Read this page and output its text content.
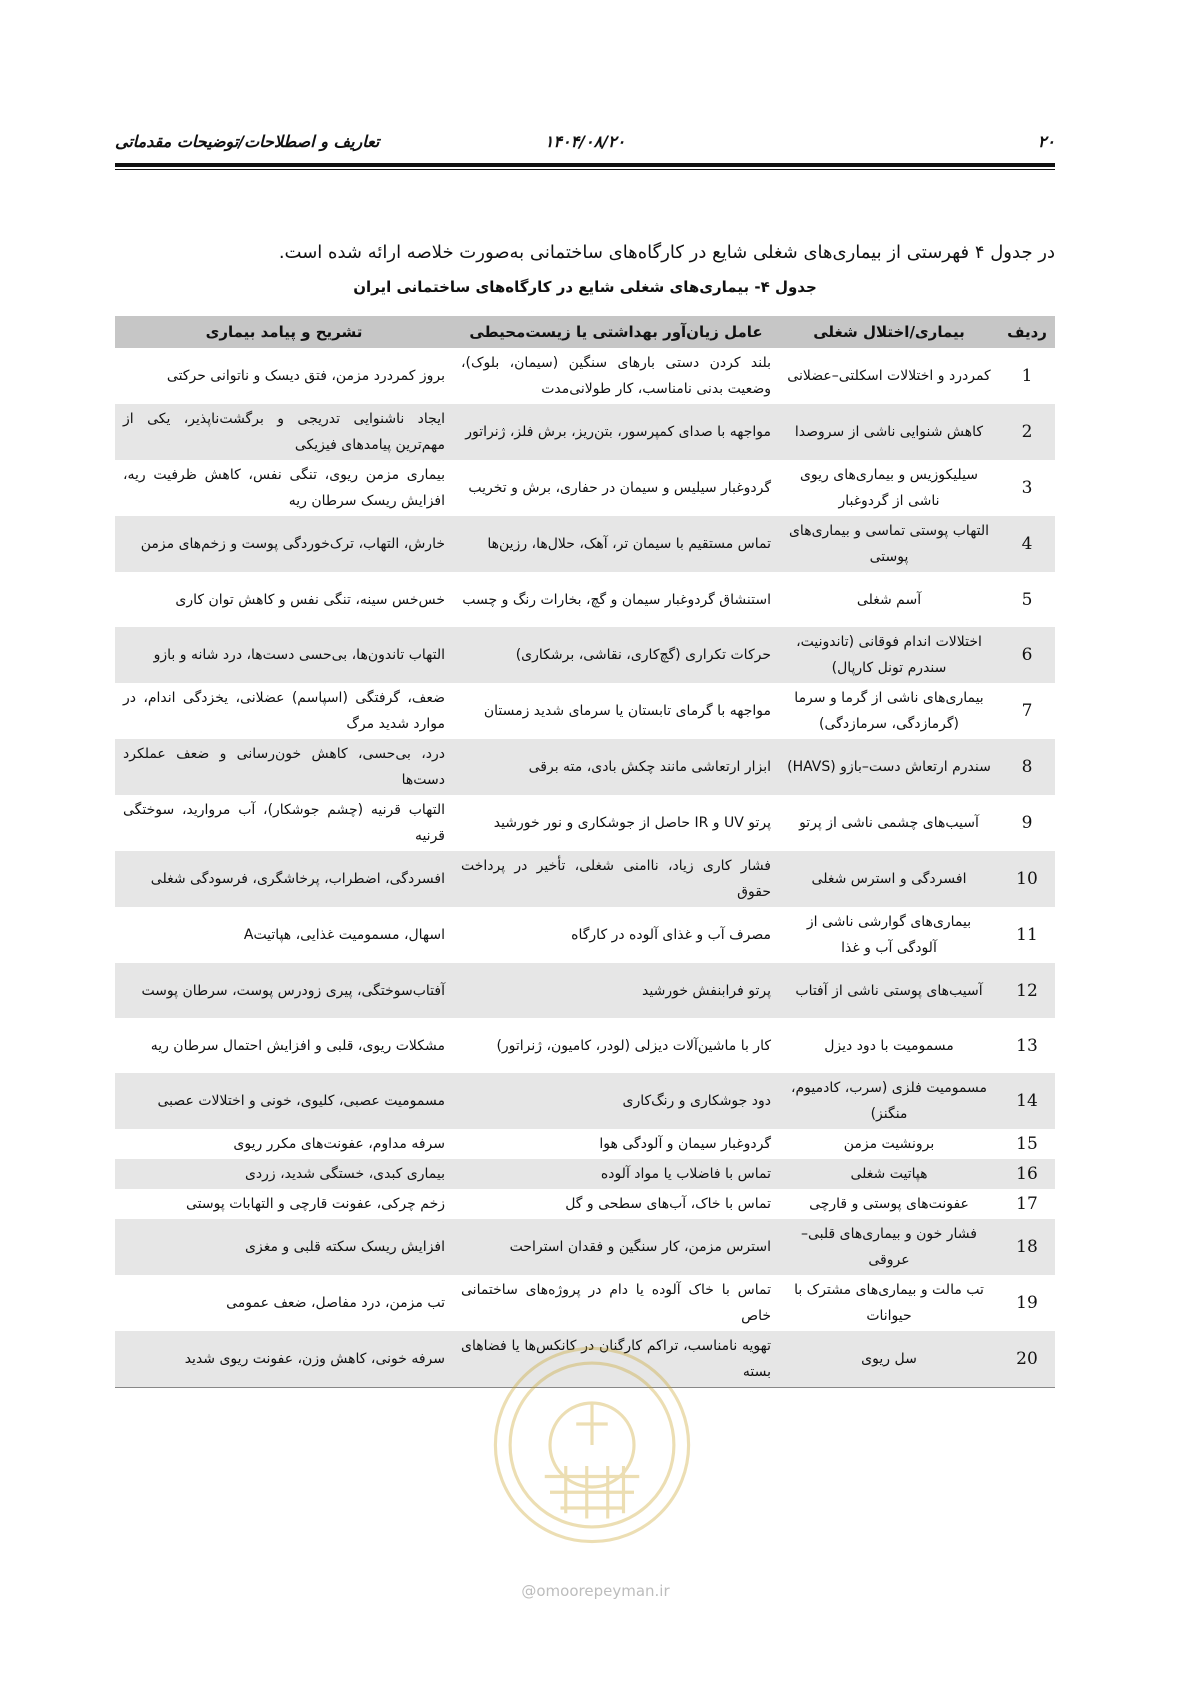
۲۰
۱۴۰۴/۰۸/۲۰
تعاریف و اصطلاحات/توضیحات مقدماتی

در جدول ۴ فهرستی از بیماری‌های شغلی شایع در کارگاه‌های ساختمانی به‌صورت خلاصه ارائه شده است.

جدول ۴- بیماری‌های شغلی شایع در کارگاه‌های ساختمانی ایران
ردیف	بیماری/اختلال شغلی	عامل زیان‌آور بهداشتی یا زیست‌محیطی	تشریح و پیامد بیماری
1	کمردرد و اختلالات اسکلتی–عضلانی	بلند کردن دستی بارهای سنگین (سیمان، بلوک)، وضعیت بدنی نامناسب، کار طولانی‌مدت	بروز کمردرد مزمن، فتق دیسک و ناتوانی حرکتی
2	کاهش شنوایی ناشی از سروصدا	مواجهه با صدای کمپرسور، بتن‌ریز، برش فلز، ژنراتور	ایجاد ناشنوایی تدریجی و برگشت‌ناپذیر، یکی از مهم‌ترین پیامدهای فیزیکی
3	سیلیکوزیس و بیماری‌های ریوی ناشی از گردوغبار	گردوغبار سیلیس و سیمان در حفاری، برش و تخریب	بیماری مزمن ریوی، تنگی نفس، کاهش ظرفیت ریه، افزایش ریسک سرطان ریه
4	التهاب پوستی تماسی و بیماری‌های پوستی	تماس مستقیم با سیمان تر، آهک، حلال‌ها، رزین‌ها	خارش، التهاب، ترک‌خوردگی پوست و زخم‌های مزمن
5	آسم شغلی	استنشاق گردوغبار سیمان و گچ، بخارات رنگ و چسب	خس‌خس سینه، تنگی نفس و کاهش توان کاری
6	اختلالات اندام فوقانی (تاندونیت، سندرم تونل کارپال)	حرکات تکراری (گچ‌کاری، نقاشی، برشکاری)	التهاب تاندون‌ها، بی‌حسی دست‌ها، درد شانه و بازو
7	بیماری‌های ناشی از گرما و سرما (گرمازدگی، سرمازدگی)	مواجهه با گرمای تابستان یا سرمای شدید زمستان	ضعف، گرفتگی (اسپاسم) عضلانی، یخزدگی اندام، در موارد شدید مرگ
8	سندرم ارتعاش دست–بازو (HAVS)	ابزار ارتعاشی مانند چکش بادی، مته برقی	درد، بی‌حسی، کاهش خون‌رسانی و ضعف عملکرد دست‌ها
9	آسیب‌های چشمی ناشی از پرتو	پرتو UV و IR حاصل از جوشکاری و نور خورشید	التهاب قرنیه (چشم جوشکار)، آب مروارید، سوختگی قرنیه
10	افسردگی و استرس شغلی	فشار کاری زیاد، ناامنی شغلی، تأخیر در پرداخت حقوق	افسردگی، اضطراب، پرخاشگری، فرسودگی شغلی
11	بیماری‌های گوارشی ناشی از آلودگی آب و غذا	مصرف آب و غذای آلوده در کارگاه	اسهال، مسمومیت غذایی، هپاتیتA
12	آسیب‌های پوستی ناشی از آفتاب	پرتو فرابنفش خورشید	آفتاب‌سوختگی، پیری زودرس پوست، سرطان پوست
13	مسمومیت با دود دیزل	کار با ماشین‌آلات دیزلی (لودر، کامیون، ژنراتور)	مشکلات ریوی، قلبی و افزایش احتمال سرطان ریه
14	مسمومیت فلزی (سرب، کادمیوم، منگنز)	دود جوشکاری و رنگ‌کاری	مسمومیت عصبی، کلیوی، خونی و اختلالات عصبی
15	برونشیت مزمن	گردوغبار سیمان و آلودگی هوا	سرفه مداوم، عفونت‌های مکرر ریوی
16	هپاتیت شغلی	تماس با فاضلاب یا مواد آلوده	بیماری کبدی، خستگی شدید، زردی
17	عفونت‌های پوستی و قارچی	تماس با خاک، آب‌های سطحی و گل	زخم چرکی، عفونت قارچی و التهابات پوستی
18	فشار خون و بیماری‌های قلبی–عروقی	استرس مزمن، کار سنگین و فقدان استراحت	افزایش ریسک سکته قلبی و مغزی
19	تب مالت و بیماری‌های مشترک با حیوانات	تماس با خاک آلوده یا دام در پروژه‌های ساختمانی خاص	تب مزمن، درد مفاصل، ضعف عمومی
20	سل ریوی	تهویه نامناسب، تراکم کارگنان در کانکس‌ها یا فضاهای بسته	سرفه خونی، کاهش وزن، عفونت ریوی شدید
@omoorepeyman.ir
